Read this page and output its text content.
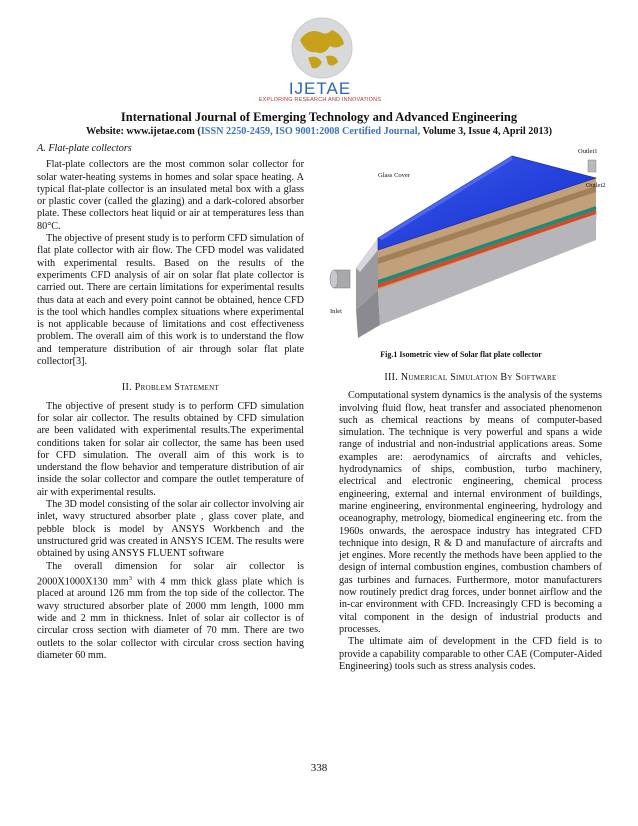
IJETAE
EXPLORING RESEARCH AND INNOVATIONS
International Journal of Emerging Technology and Advanced Engineering
Website: www.ijetae.com (ISSN 2250-2459, ISO 9001:2008 Certified Journal, Volume 3, Issue 4, April 2013)
A. Flat-plate collectors

Flat-plate collectors are the most common solar collector for solar water-heating systems in homes and solar space heating. A typical flat-plate collector is an insulated metal box with a glass or plastic cover (called the glazing) and a dark-colored absorber plate. These collectors heat liquid or air at temperatures less than 80°C.

The objective of present study is to perform CFD simulation of flat plate collector with air flow. The CFD model was validated with experimental results. Based on the results of the experiments CFD analysis of air on solar flat plate collector is carried out. There are certain limitations for experimental results thus data at each and every point cannot be obtained, hence CFD is the tool which handles complex situations where experimental is not applicable because of limitations and cost effectiveness problem. The overall aim of this work is to understand the flow and temperature distribution of air through solar flat plate collector[3].

II. Problem Statement

The objective of present study is to perform CFD simulation for solar air collector. The results obtained by CFD simulation are been validated with experimental results.The experimental conditions taken for solar air collector, the same has been used for CFD simulation. The overall aim of this work is to understand the flow behavior and temperature distribution of air inside the solar collector and compare the outlet temperature of air with experimental results.

The 3D model consisting of the solar air collector involving air inlet, wavy structured absorber plate , glass cover plate, and pebble block is model by ANSYS Workbench and the unstructured grid was created in ANSYS ICEM. The results were obtained by using ANSYS FLUENT software

The overall dimension for solar air collector is 2000X1000X130 $mm^3$ with 4 mm thick glass plate which is placed at around 126 mm from the top side of the collector. The wavy structured absorber plate of 2000 mm length, 1000 mm wide and 2 mm in thickness. Inlet of solar air collector is of circular cross section with diameter of 70 mm. There are two outlets to the solar collector with circular cross section having diameter 60 mm.

Outlet1
Outlet2
Glass Cover
Inlet
Fig.1 Isometric view of Solar flat plate collector
III. Numerical Simulation By Software

Computational system dynamics is the analysis of the systems involving fluid flow, heat transfer and associated phenomenon such as chemical reactions by means of computer-based simulation. The technique is very powerful and spans a wide range of industrial and non-industrial applications areas. Some examples are: aerodynamics of aircrafts and vehicles, hydrodynamics of ships, combustion, turbo machinery, electrical and electronic engineering, chemical process engineering, external and internal environment of buildings, marine engineering, environmental engineering, hydrology and oceanography, metrology, biomedical engineering etc. from the 1960s onwards, the aerospace industry has integrated CFD technique into design, R & D and manufacture of aircrafts and jet engines. More recently the methods have been applied to the design of internal combustion engines, combustion chambers of gas turbines and furnaces. Furthermore, motor manufacturers now routinely predict drag forces, under bonnet airflow and the in-car environment with CFD. Increasingly CFD is becoming a vital component in the design of industrial products and processes.

The ultimate aim of development in the CFD field is to provide a capability comparable to other CAE (Computer-Aided Engineering) tools such as stress analysis codes.

338
